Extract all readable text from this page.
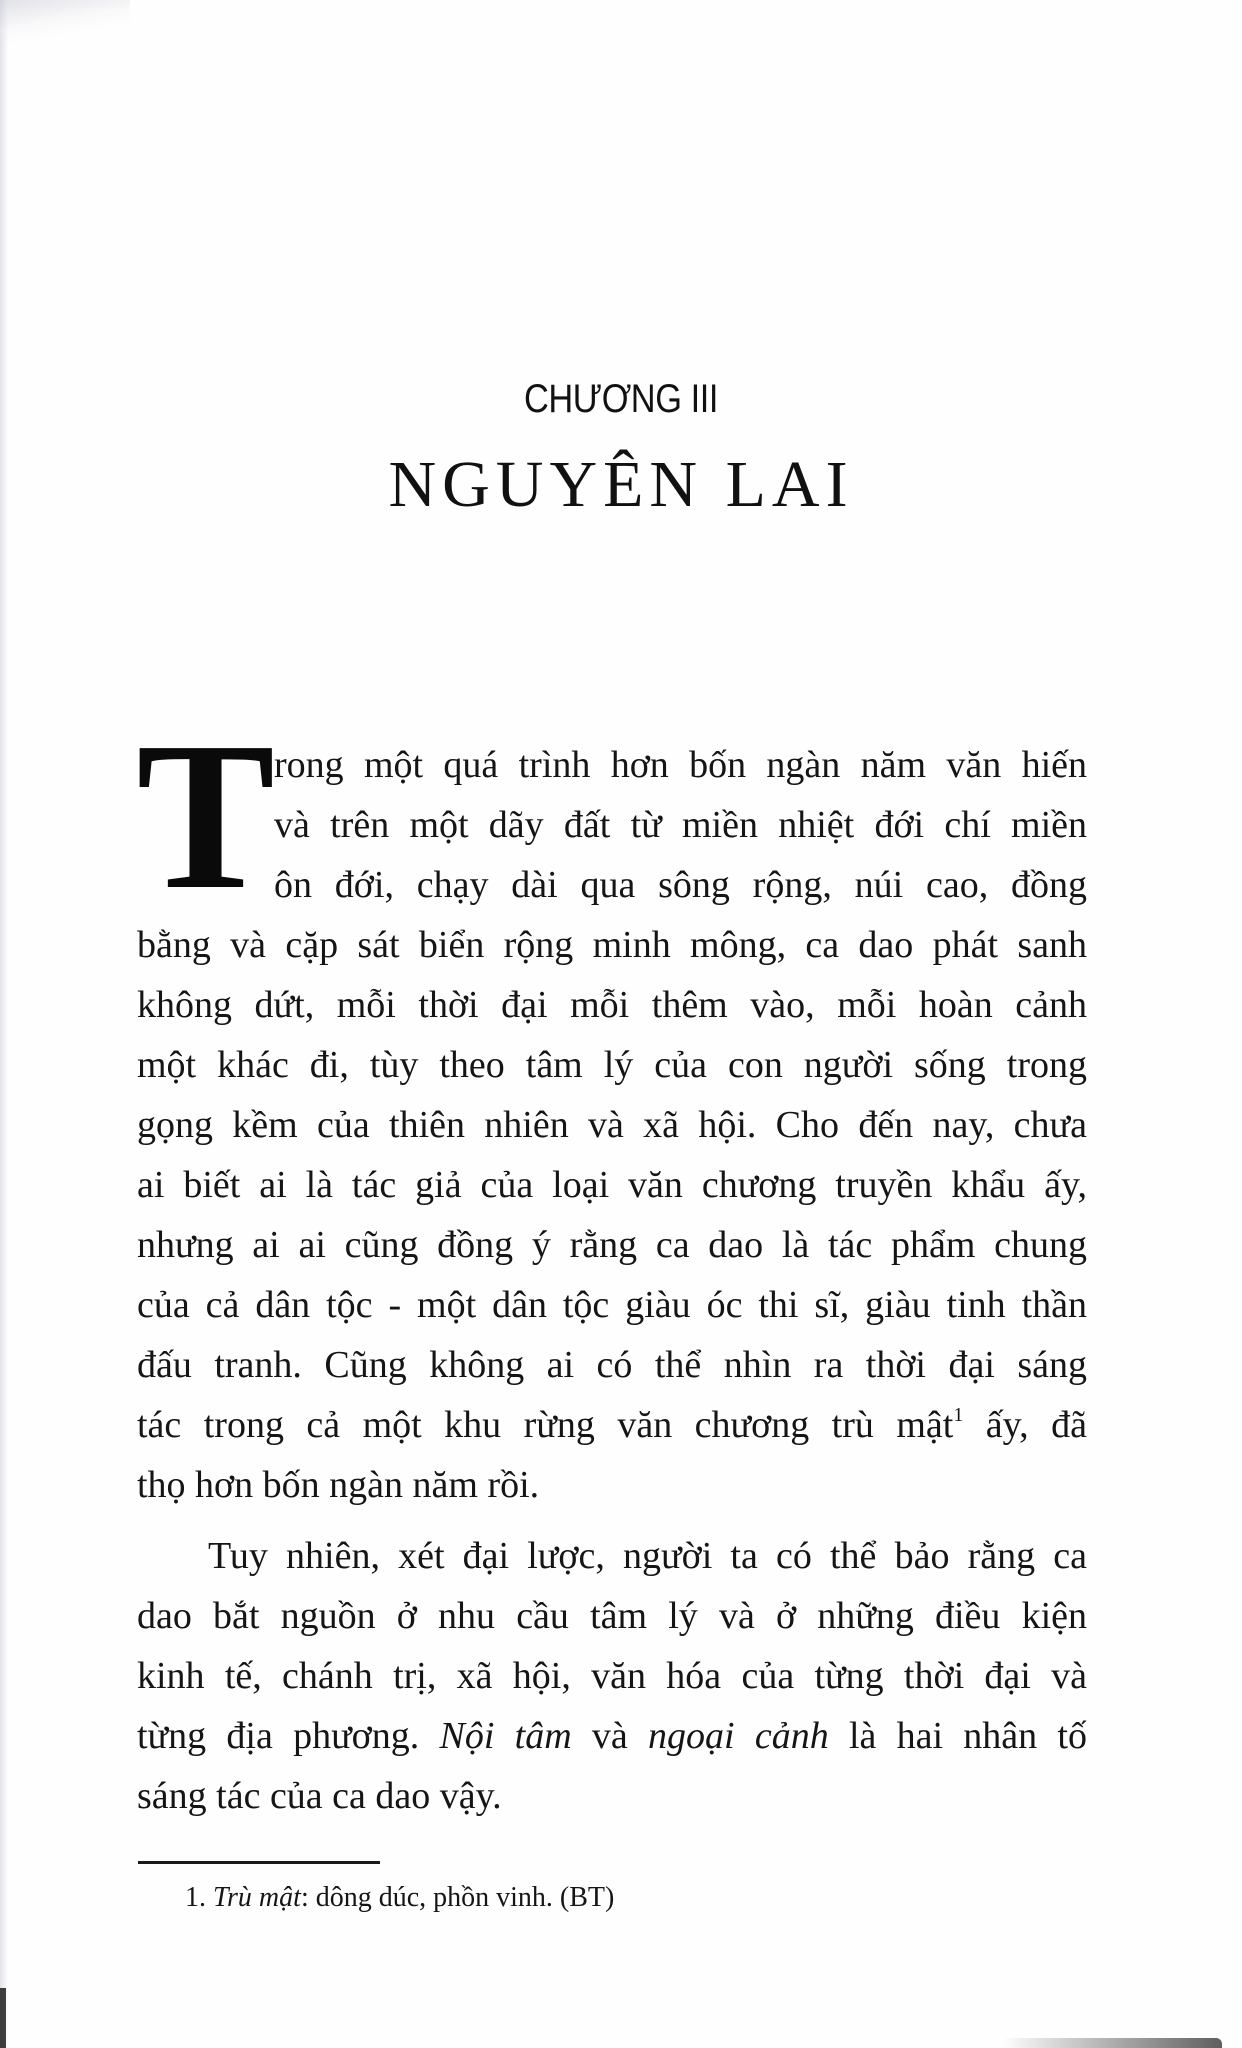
CHƯƠNG III
NGUYÊN LAI
T rong một quá trình hơn bốn ngàn năm văn hiến
và trên một dãy đất từ miền nhiệt đới chí miền
ôn đới, chạy dài qua sông rộng, núi cao, đồng
bằng và cặp sát biển rộng minh mông, ca dao phát sanh
không dứt, mỗi thời đại mỗi thêm vào, mỗi hoàn cảnh
một khác đi, tùy theo tâm lý của con người sống trong
gọng kềm của thiên nhiên và xã hội. Cho đến nay, chưa
ai biết ai là tác giả của loại văn chương truyền khẩu ấy,
nhưng ai ai cũng đồng ý rằng ca dao là tác phẩm chung
của cả dân tộc - một dân tộc giàu óc thi sĩ, giàu tinh thần
đấu tranh. Cũng không ai có thể nhìn ra thời đại sáng
tác trong cả một khu rừng văn chương trù mật$^1$ ấy, đã
thọ hơn bốn ngàn năm rồi.
Tuy nhiên, xét đại lược, người ta có thể bảo rằng ca
dao bắt nguồn ở nhu cầu tâm lý và ở những điều kiện
kinh tế, chánh trị, xã hội, văn hóa của từng thời đại và
từng địa phương. Nội tâm và ngoại cảnh là hai nhân tố
sáng tác của ca dao vậy.
1. Trù mật: dông dúc, phồn vinh. (BT)
